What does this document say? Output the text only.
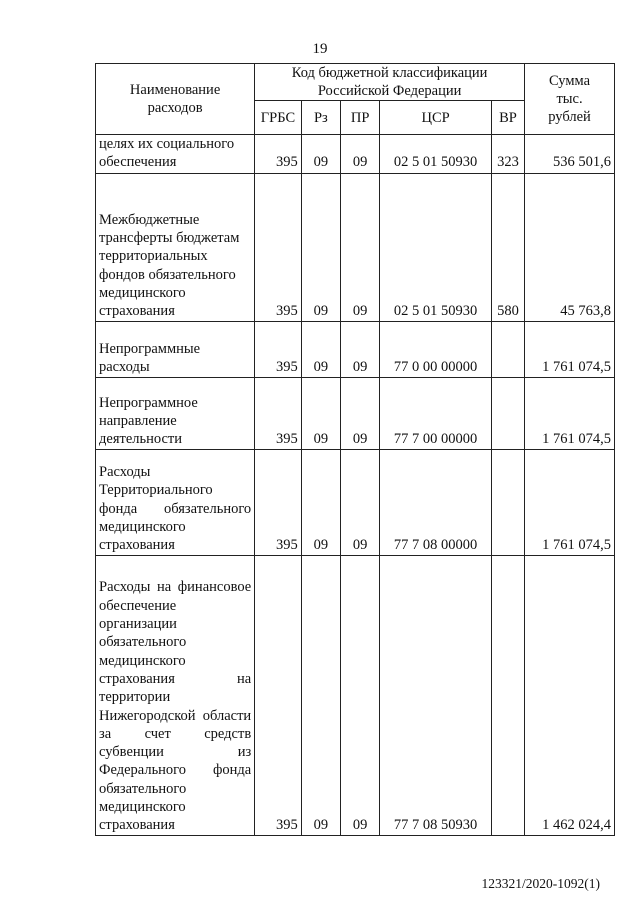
19
Наименование расходов	Код бюджетной классификации Российской Федерации					Сумма тыс. рублей
	ГРБС	Рз	ПР	ЦСР	ВР	
целях их социального обеспечения	395	09	09	02 5 01 50930	323	536 501,6
Межбюджетные трансферты бюджетам территориальных фондов обязательного медицинского страхования	395	09	09	02 5 01 50930	580	45 763,8
Непрограммные расходы	395	09	09	77 0 00 00000		1 761 074,5
Непрограммное направление деятельности	395	09	09	77 7 00 00000		1 761 074,5
Расходы Территориального фонда обязательного медицинского страхования	395	09	09	77 7 08 00000		1 761 074,5
Расходы на финансовое обеспечение организации обязательного медицинского страхования на территории Нижегородской области за счет средств субвенции из Федерального фонда обязательного медицинского страхования	395	09	09	77 7 08 50930		1 462 024,4
123321/2020-1092(1)
